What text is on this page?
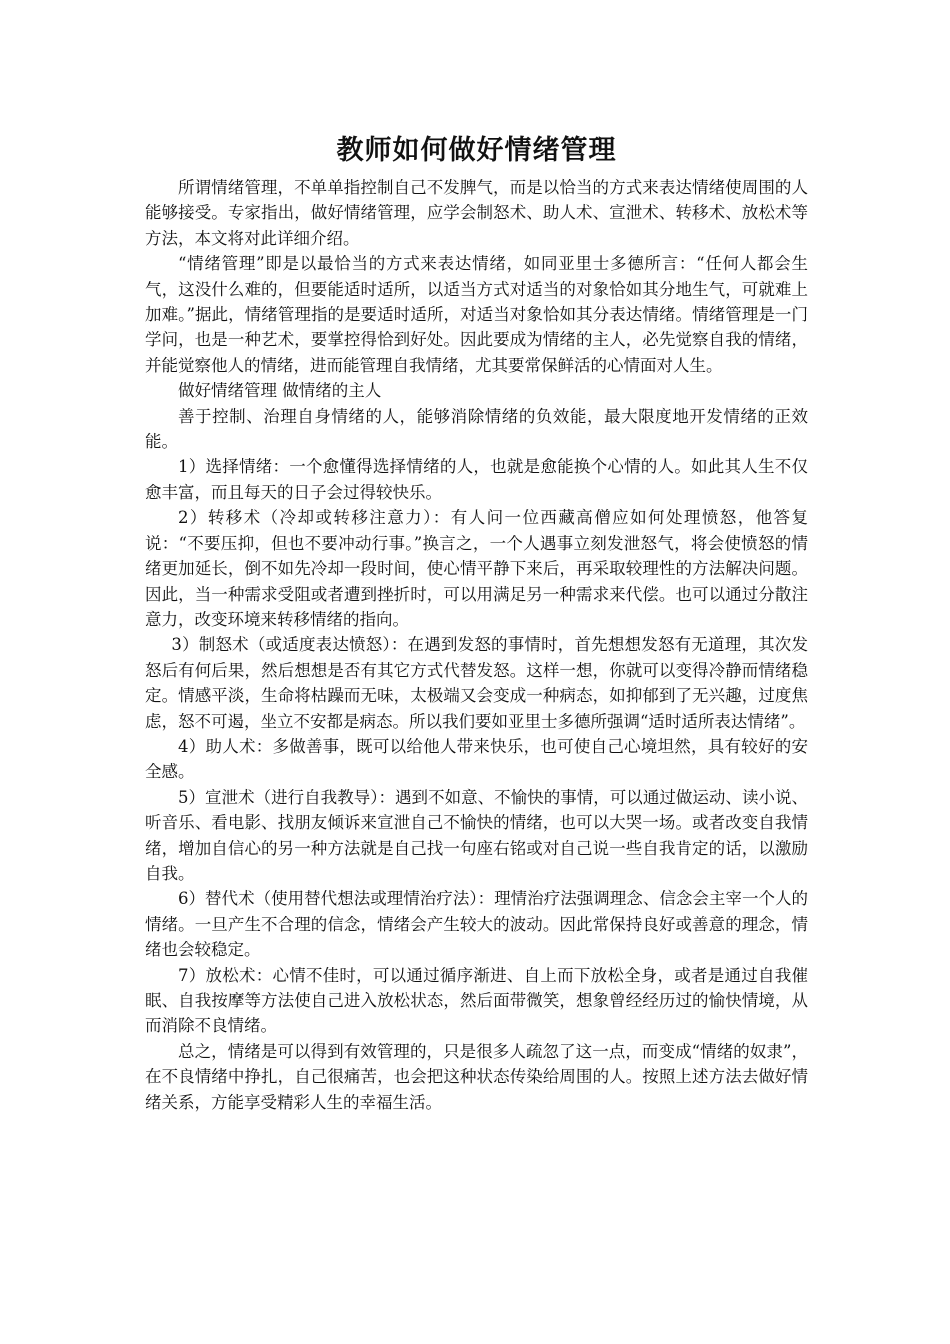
教师如何做好情绪管理

所谓情绪管理，不单单指控制自己不发脾气，而是以恰当的方式来表达情绪使周围的人能够接受。专家指出，做好情绪管理，应学会制怒术、助人术、宣泄术、转移术、放松术等方法，本文将对此详细介绍。

“情绪管理”即是以最恰当的方式来表达情绪，如同亚里士多德所言：“任何人都会生气，这没什么难的，但要能适时适所，以适当方式对适当的对象恰如其分地生气，可就难上加难。”据此，情绪管理指的是要适时适所，对适当对象恰如其分表达情绪。情绪管理是一门学问，也是一种艺术，要掌控得恰到好处。因此要成为情绪的主人，必先觉察自我的情绪，并能觉察他人的情绪，进而能管理自我情绪，尤其要常保鲜活的心情面对人生。

做好情绪管理 做情绪的主人

善于控制、治理自身情绪的人，能够消除情绪的负效能，最大限度地开发情绪的正效能。

1）选择情绪：一个愈懂得选择情绪的人，也就是愈能换个心情的人。如此其人生不仅愈丰富，而且每天的日子会过得较快乐。

2）转移术（冷却或转移注意力）：有人问一位西藏高僧应如何处理愤怒，他答复说：“不要压抑，但也不要冲动行事。”换言之，一个人遇事立刻发泄怒气，将会使愤怒的情绪更加延长，倒不如先冷却一段时间，使心情平静下来后，再采取较理性的方法解决问题。因此，当一种需求受阻或者遭到挫折时，可以用满足另一种需求来代偿。也可以通过分散注意力，改变环境来转移情绪的指向。

3）制怒术（或适度表达愤怒）：在遇到发怒的事情时，首先想想发怒有无道理，其次发怒后有何后果，然后想想是否有其它方式代替发怒。这样一想，你就可以变得冷静而情绪稳定。情感平淡，生命将枯躁而无味，太极端又会变成一种病态，如抑郁到了无兴趣，过度焦虑，怒不可遏，坐立不安都是病态。所以我们要如亚里士多德所强调“适时适所表达情绪”。

4）助人术：多做善事，既可以给他人带来快乐，也可使自己心境坦然，具有较好的安全感。

5）宣泄术（进行自我教导）：遇到不如意、不愉快的事情，可以通过做运动、读小说、听音乐、看电影、找朋友倾诉来宣泄自己不愉快的情绪，也可以大哭一场。或者改变自我情绪，增加自信心的另一种方法就是自己找一句座右铭或对自己说一些自我肯定的话，以激励自我。

6）替代术（使用替代想法或理情治疗法）：理情治疗法强调理念、信念会主宰一个人的情绪。一旦产生不合理的信念，情绪会产生较大的波动。因此常保持良好或善意的理念，情绪也会较稳定。

7）放松术：心情不佳时，可以通过循序渐进、自上而下放松全身，或者是通过自我催眠、自我按摩等方法使自己进入放松状态，然后面带微笑，想象曾经经历过的愉快情境，从而消除不良情绪。

总之，情绪是可以得到有效管理的，只是很多人疏忽了这一点，而变成“情绪的奴隶”，在不良情绪中挣扎，自己很痛苦，也会把这种状态传染给周围的人。按照上述方法去做好情绪关系，方能享受精彩人生的幸福生活。
